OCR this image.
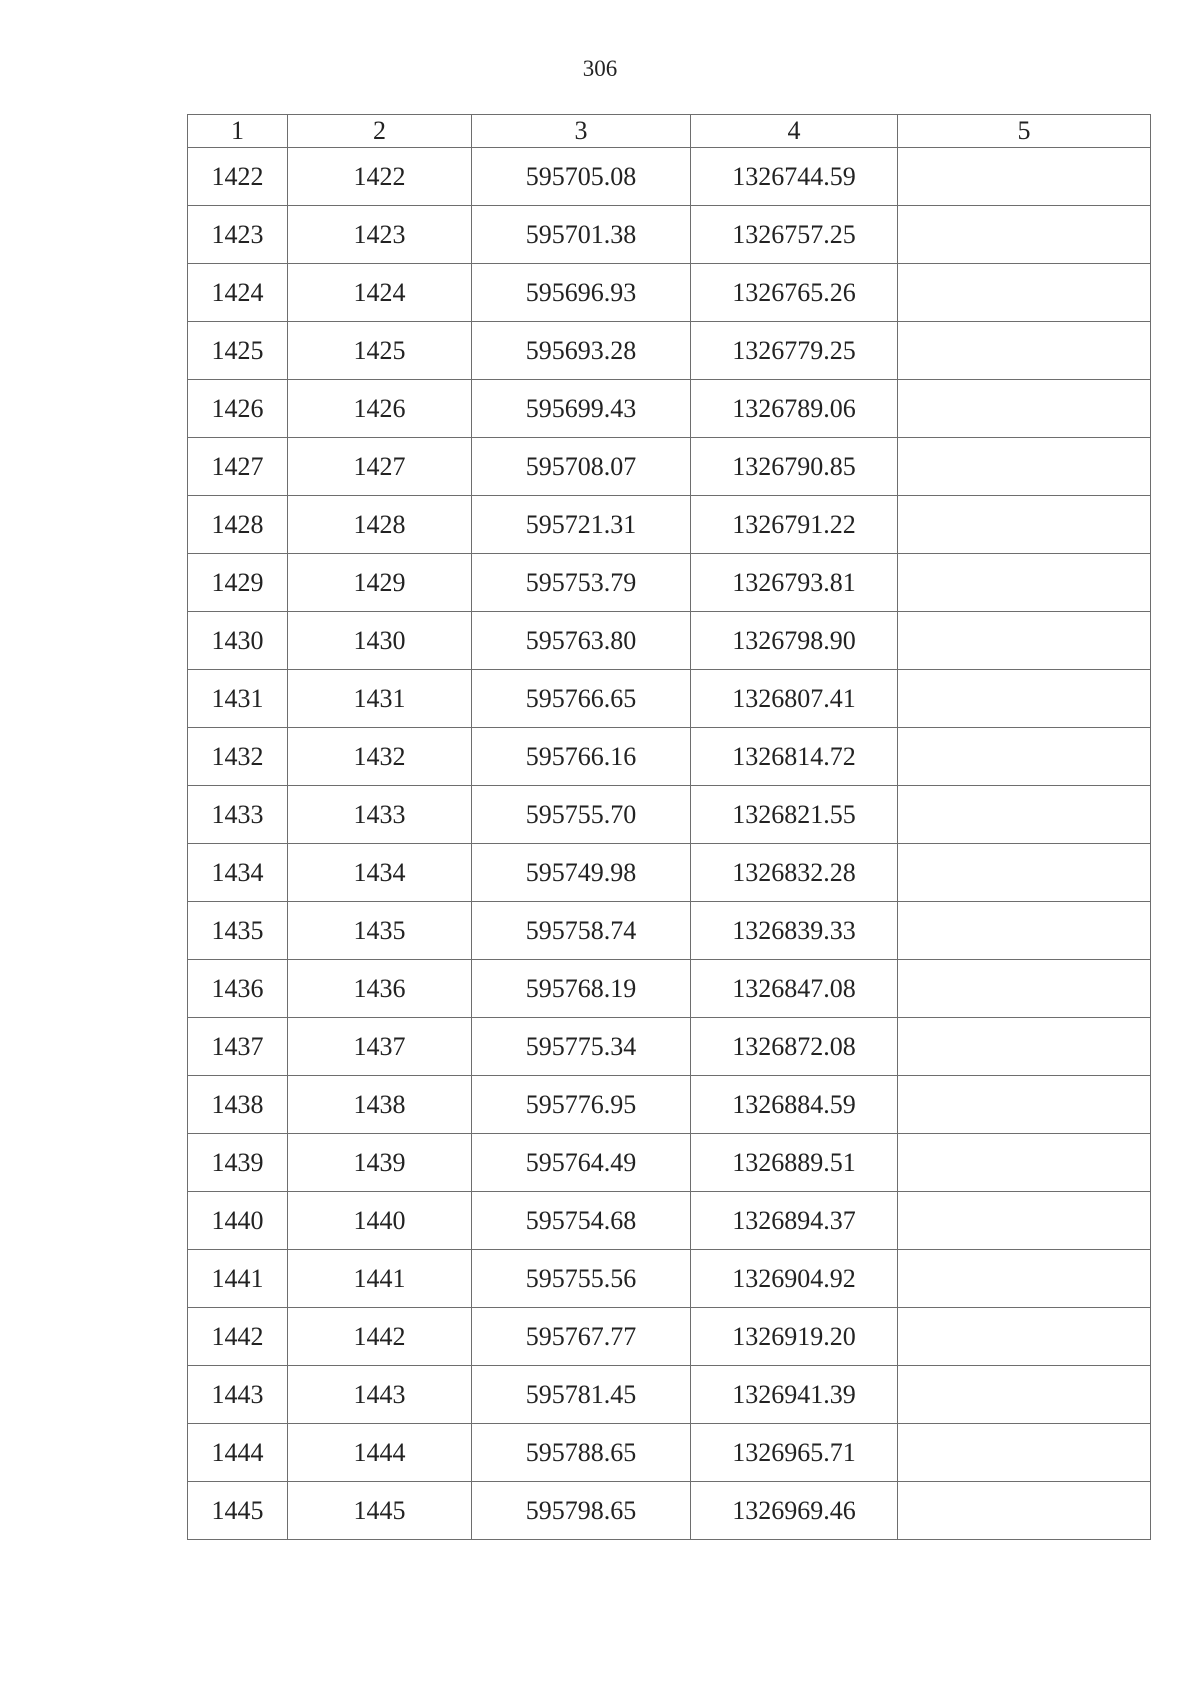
306
1	2	3	4	5
1422	1422	595705.08	1326744.59	
1423	1423	595701.38	1326757.25	
1424	1424	595696.93	1326765.26	
1425	1425	595693.28	1326779.25	
1426	1426	595699.43	1326789.06	
1427	1427	595708.07	1326790.85	
1428	1428	595721.31	1326791.22	
1429	1429	595753.79	1326793.81	
1430	1430	595763.80	1326798.90	
1431	1431	595766.65	1326807.41	
1432	1432	595766.16	1326814.72	
1433	1433	595755.70	1326821.55	
1434	1434	595749.98	1326832.28	
1435	1435	595758.74	1326839.33	
1436	1436	595768.19	1326847.08	
1437	1437	595775.34	1326872.08	
1438	1438	595776.95	1326884.59	
1439	1439	595764.49	1326889.51	
1440	1440	595754.68	1326894.37	
1441	1441	595755.56	1326904.92	
1442	1442	595767.77	1326919.20	
1443	1443	595781.45	1326941.39	
1444	1444	595788.65	1326965.71	
1445	1445	595798.65	1326969.46	
